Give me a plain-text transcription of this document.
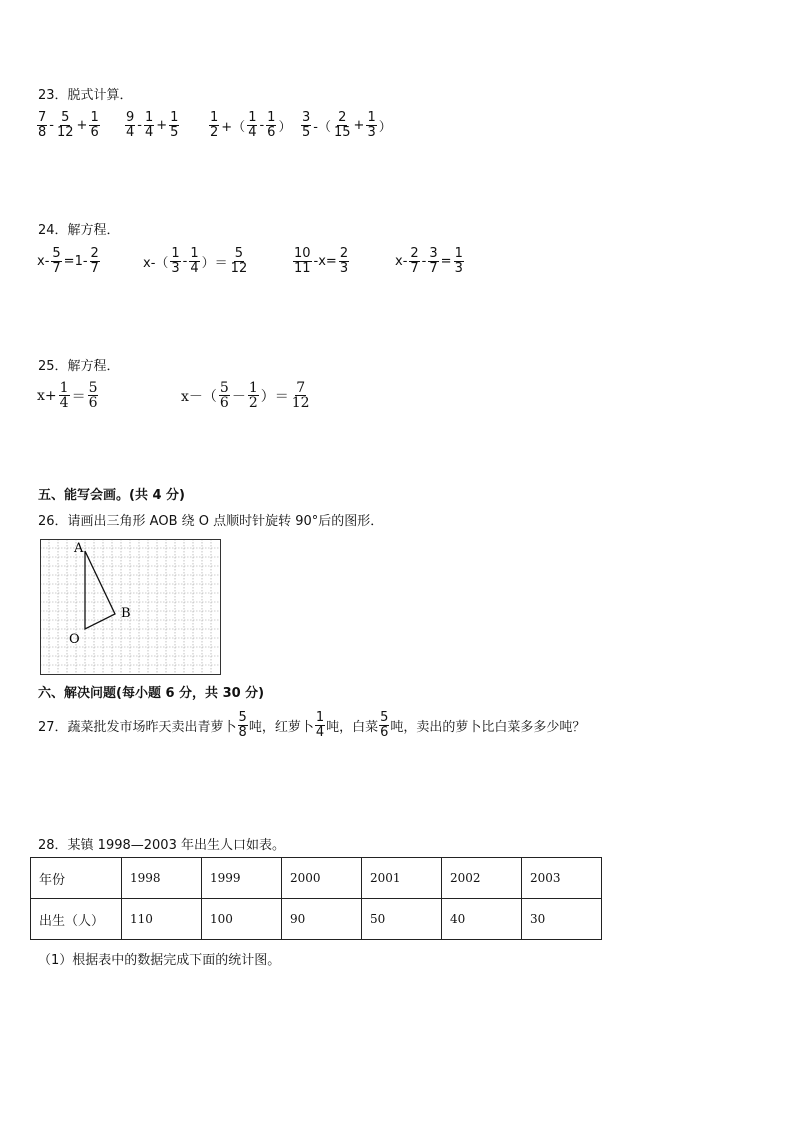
23．脱式计算．
$\frac{7}{8} - \frac{5}{12} + \frac{1}{6} \frac{9}{4} - \frac{1}{4} + \frac{1}{5} \frac{1}{2}$ +（ $\frac{1}{4} - \frac{1}{6}$ ） $\frac{3}{5}$ -（ $\frac{2}{15} + \frac{1}{3}$ ）
24．解方程．
$x- \frac{5}{7} =1- \frac{2}{7}$	$x-( \frac{1}{3} - \frac{1}{4}$ ）＝ $\frac{5}{12}$	$\frac{10}{11} -x= \frac{2}{3}$	$x- \frac{2}{7} - \frac{3}{7} = \frac{1}{3}$
25．解方程．
$x+ \frac{1}{4} = \frac{5}{6}$	$x-( \frac{5}{6} - \frac{1}{2}$ ）＝ $\frac{7}{12}$
五、能写会画。(共 4 分)
26．请画出三角形 AOB 绕 O 点顺时针旋转 90°后的图形．
A
B
O
六、解决问题(每小题 6 分，共 30 分)
27．蔬菜批发市场昨天卖出青萝卜 $\frac{5}{8}$ 吨，红萝卜 $\frac{1}{4}$ 吨，白菜 $\frac{5}{6}$ 吨，卖出的萝卜比白菜多多少吨？
28．某镇 1998—2003 年出生人口如表。
年份	1998	1999	2000	2001	2002	2003
出生（人）	110	100	90	50	40	30
（1）根据表中的数据完成下面的统计图。
